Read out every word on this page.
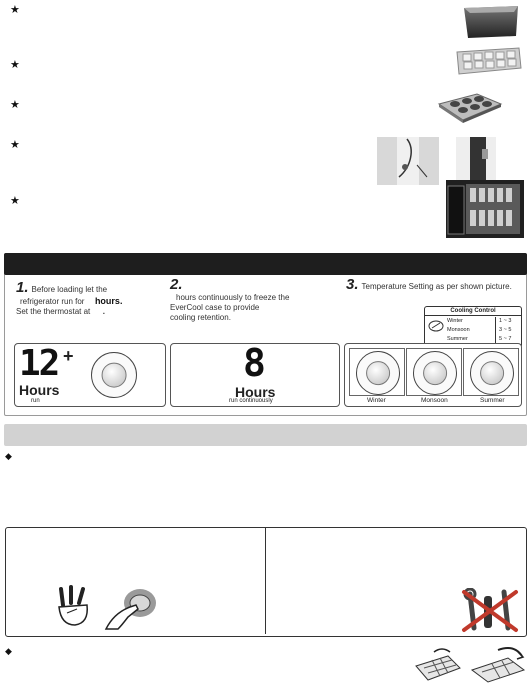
★
★
★
★
★
1. Before loading let the
refrigerator run for hours.
Set the thermostat at .
2.
hours continuously to freeze the
EverCool case to provide
cooling retention.
3. Temperature Setting as per shown picture.
Cooling Control
Winter	1 ~ 3
Monsoon	3 ~ 5
Summer	5 ~ 7
12 +
Hours
run
8
Hours
run continuously	Winter	Monsoon	Summer
◆
◆
